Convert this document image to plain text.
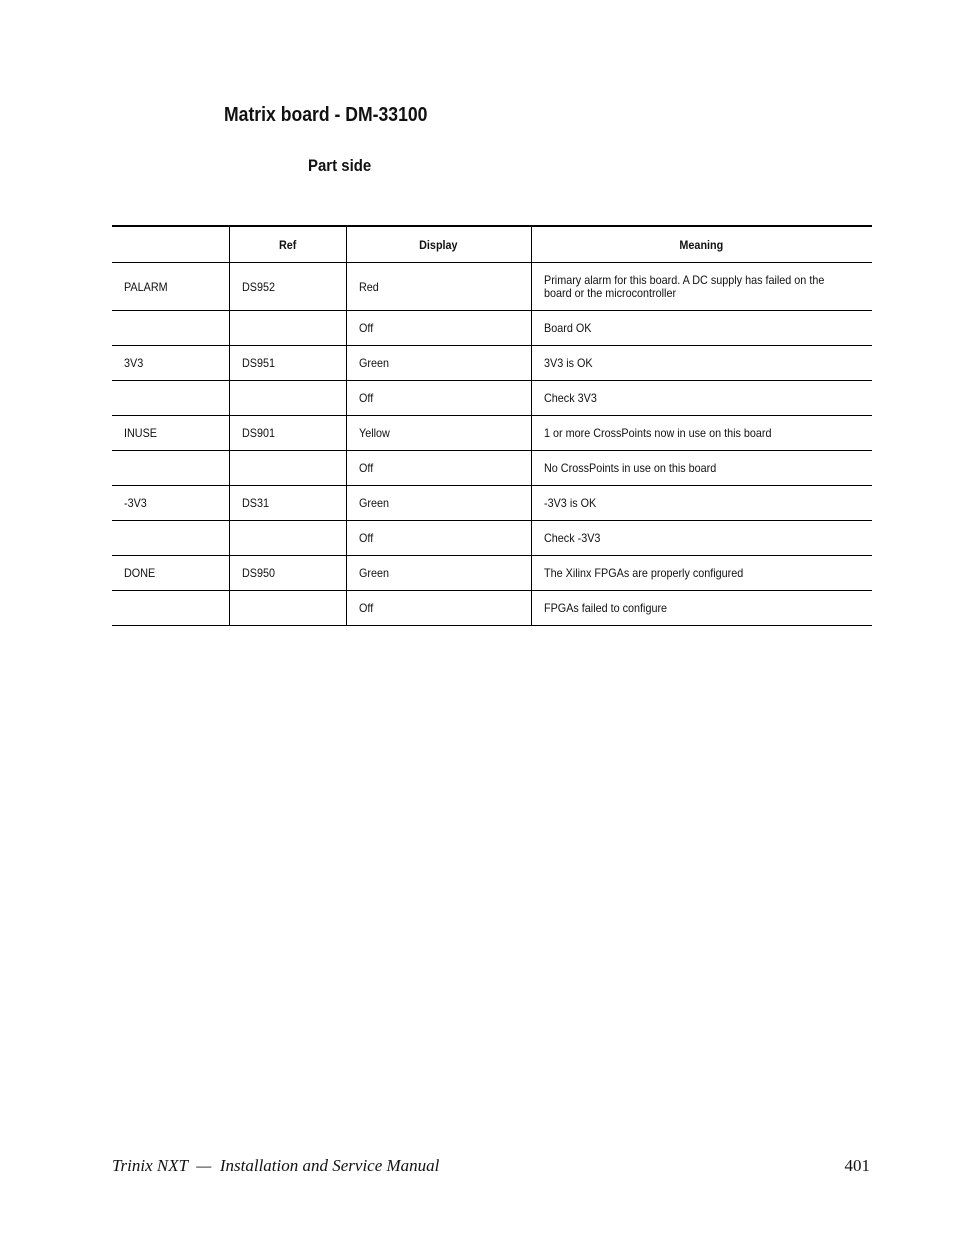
Matrix board - DM-33100
Part side
	Ref	Display	Meaning
PALARM	DS952	Red	Primary alarm for this board. A DC supply has failed on the board or the microcontroller
		Off	Board OK
3V3	DS951	Green	3V3 is OK
		Off	Check 3V3
INUSE	DS901	Yellow	1 or more CrossPoints now in use on this board
		Off	No CrossPoints in use on this board
-3V3	DS31	Green	-3V3 is OK
		Off	Check -3V3
DONE	DS950	Green	The Xilinx FPGAs are properly configured
		Off	FPGAs failed to configure
Trinix NXT  —  Installation and Service Manual	401
